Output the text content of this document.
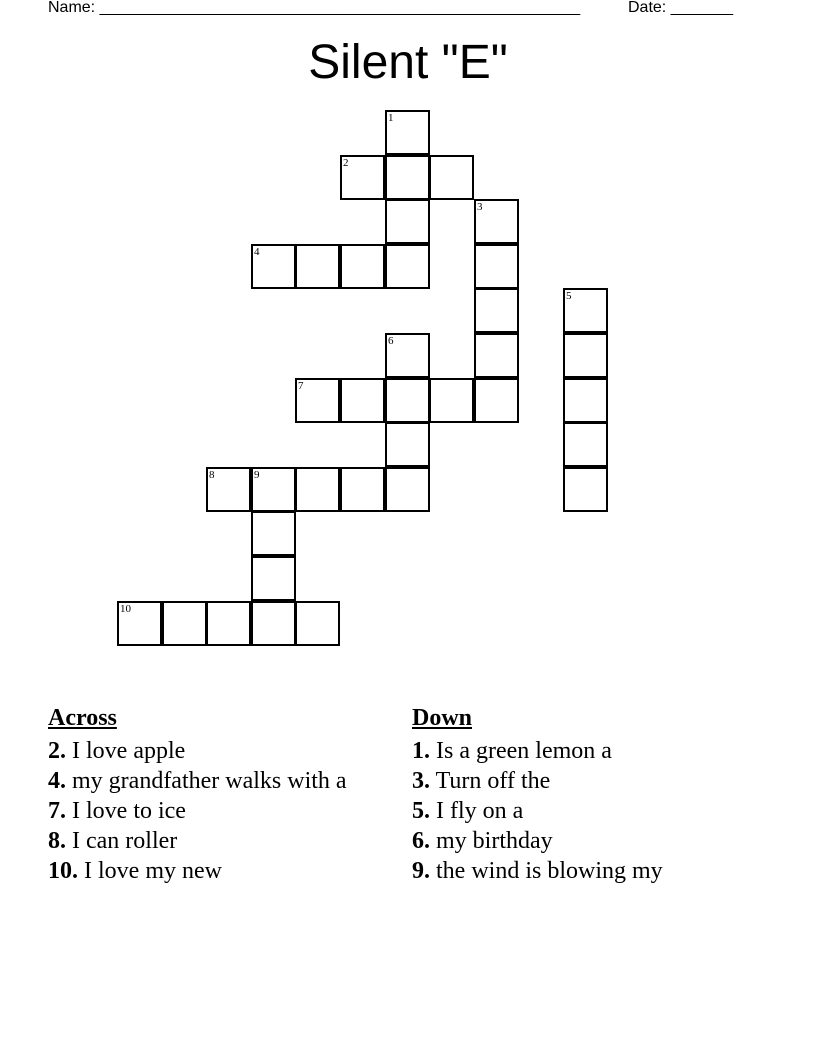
Name: ______________________________________________________	Date: _______
Silent "E"
1
2
3
4
5
6
7
8	9
10
Across
2. I love apple
4. my grandfather walks with a
7. I love to ice
8. I can roller
10. I love my new
Down
1. Is a green lemon a
3. Turn off the
5. I fly on a
6. my birthday
9. the wind is blowing my
